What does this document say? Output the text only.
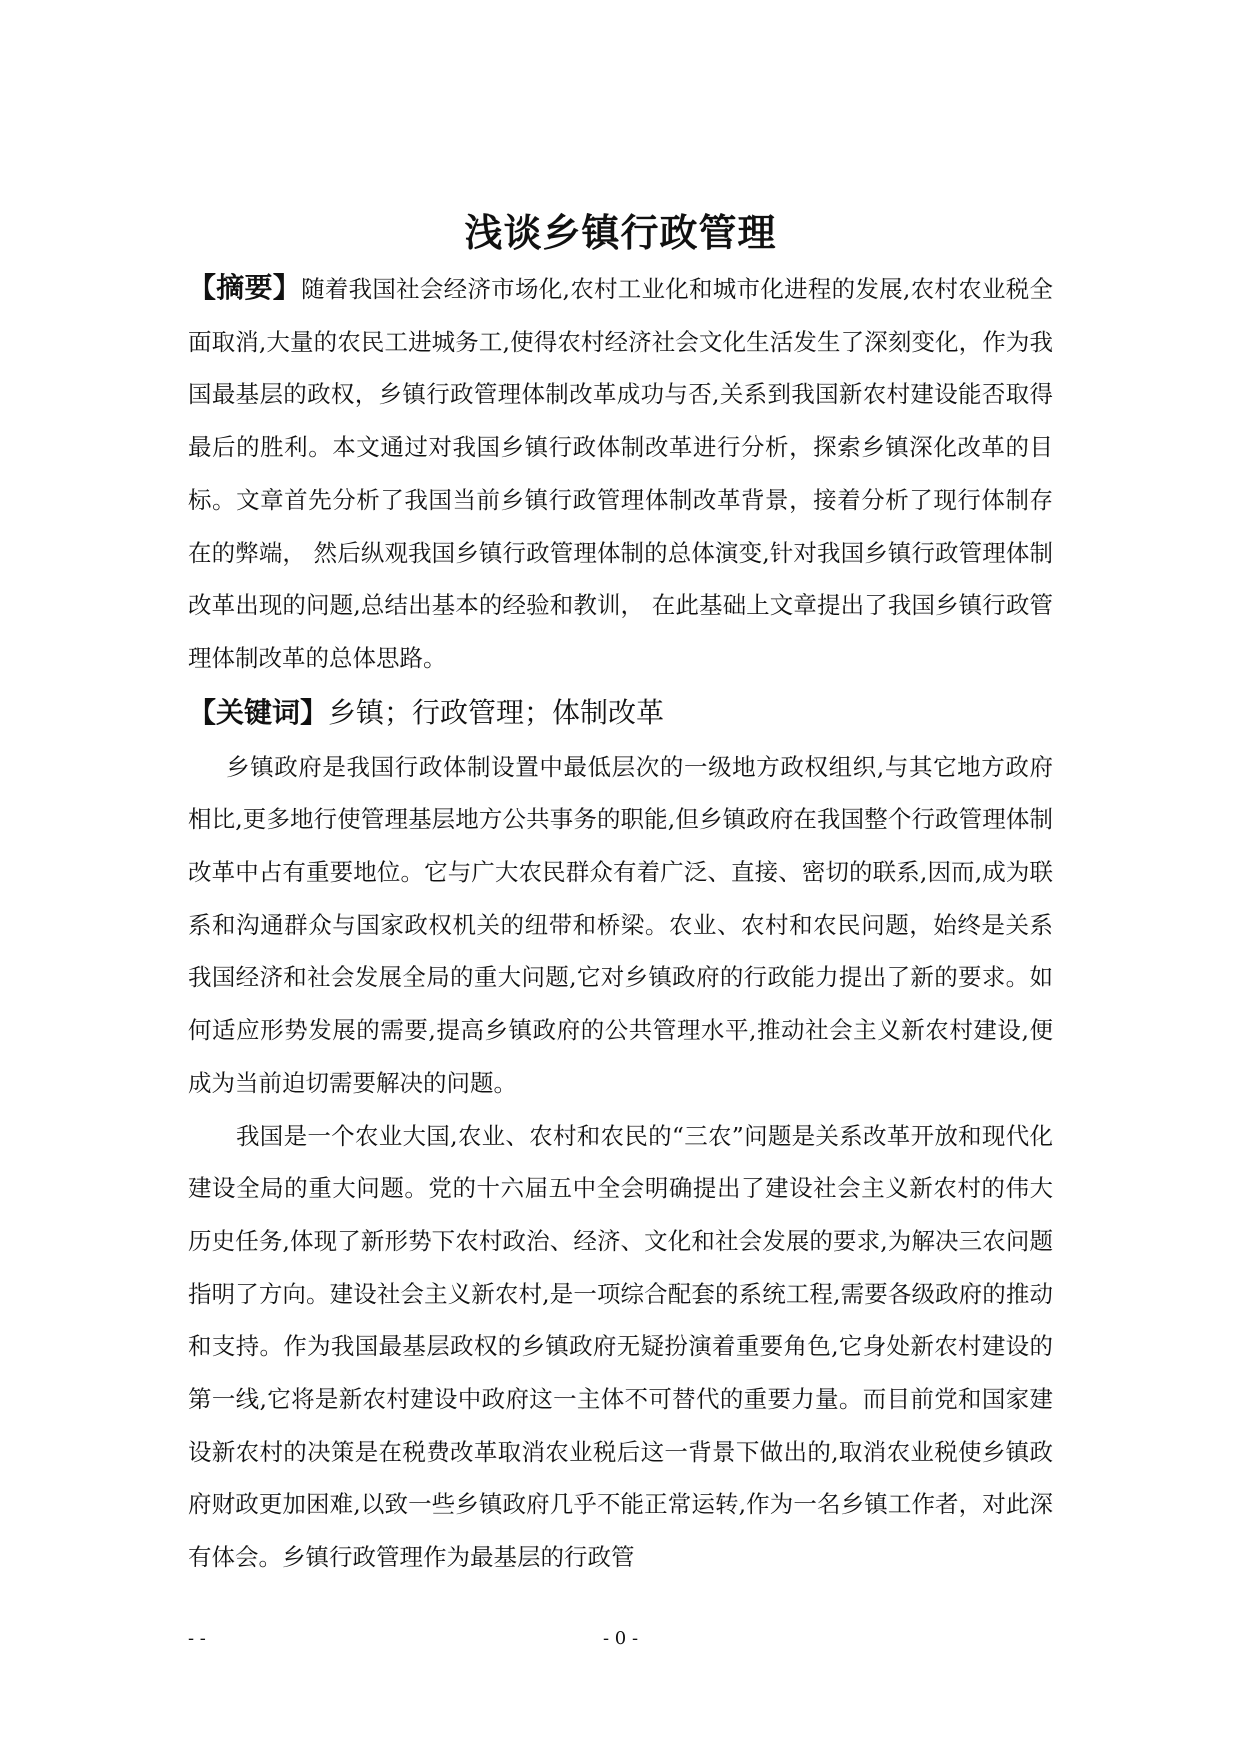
浅谈乡镇行政管理

【摘要】随着我国社会经济市场化,农村工业化和城市化进程的发展,农村农业税全面取消,大量的农民工进城务工,使得农村经济社会文化生活发生了深刻变化，作为我国最基层的政权，乡镇行政管理体制改革成功与否,关系到我国新农村建设能否取得最后的胜利。本文通过对我国乡镇行政体制改革进行分析，探索乡镇深化改革的目标。文章首先分析了我国当前乡镇行政管理体制改革背景，接着分析了现行体制存在的弊端， 然后纵观我国乡镇行政管理体制的总体演变,针对我国乡镇行政管理体制改革出现的问题,总结出基本的经验和教训， 在此基础上文章提出了我国乡镇行政管理体制改革的总体思路。

【关键词】乡镇；行政管理；体制改革

乡镇政府是我国行政体制设置中最低层次的一级地方政权组织,与其它地方政府相比,更多地行使管理基层地方公共事务的职能,但乡镇政府在我国整个行政管理体制改革中占有重要地位。它与广大农民群众有着广泛、直接、密切的联系,因而,成为联系和沟通群众与国家政权机关的纽带和桥梁。农业、农村和农民问题，始终是关系我国经济和社会发展全局的重大问题,它对乡镇政府的行政能力提出了新的要求。如何适应形势发展的需要,提高乡镇政府的公共管理水平,推动社会主义新农村建设,便成为当前迫切需要解决的问题。

我国是一个农业大国,农业、农村和农民的“三农”问题是关系改革开放和现代化建设全局的重大问题。党的十六届五中全会明确提出了建设社会主义新农村的伟大历史任务,体现了新形势下农村政治、经济、文化和社会发展的要求,为解决三农问题指明了方向。建设社会主义新农村,是一项综合配套的系统工程,需要各级政府的推动和支持。作为我国最基层政权的乡镇政府无疑扮演着重要角色,它身处新农村建设的第一线,它将是新农村建设中政府这一主体不可替代的重要力量。而目前党和国家建设新农村的决策是在税费改革取消农业税后这一背景下做出的,取消农业税使乡镇政府财政更加困难,以致一些乡镇政府几乎不能正常运转,作为一名乡镇工作者，对此深有体会。乡镇行政管理作为最基层的行政管

- -	- 0 -
